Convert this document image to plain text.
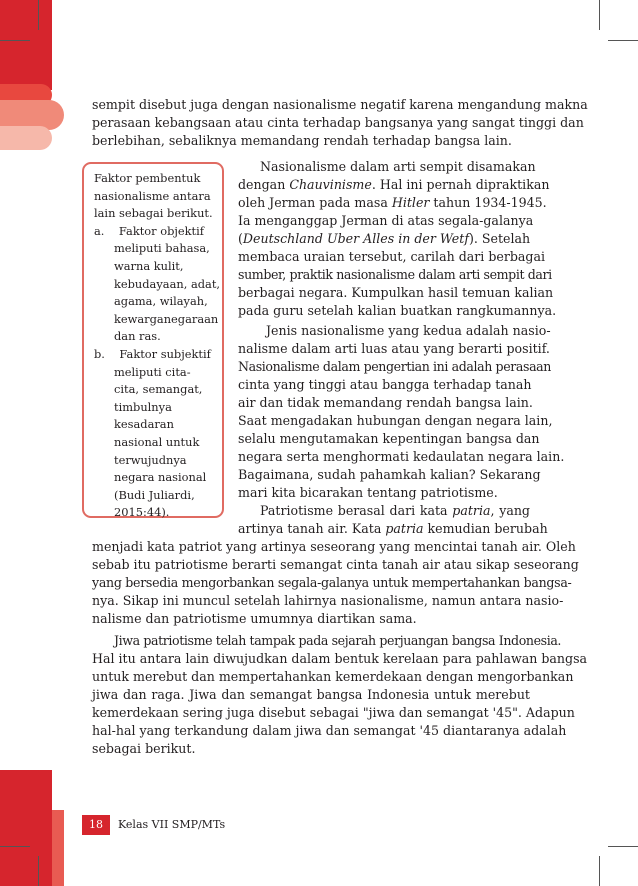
sempit disebut juga dengan nasionalisme negatif karena mengandung makna
perasaan kebangsaan atau cinta terhadap bangsanya yang sangat tinggi dan
berlebihan, sebaliknya memandang rendah terhadap bangsa lain.
Faktor pembentuk
nasionalisme antara
lain sebagai berikut.
a.    Faktor objektif
meliputi bahasa,
warna kulit,
kebudayaan, adat,
agama, wilayah,
kewarganegaraan
dan ras.
b.    Faktor subjektif
meliputi cita-
cita, semangat,
timbulnya
kesadaran
nasional untuk
terwujudnya
negara nasional
(Budi Juliardi,
2015:44).
Nasionalisme dalam arti sempit disamakan
dengan Chauvinisme. Hal ini pernah dipraktikan
oleh Jerman pada masa Hitler tahun 1934-1945.
Ia menganggap Jerman di atas segala-galanya
(Deutschland Uber Alles in der Wetf). Setelah
membaca uraian tersebut, carilah dari berbagai
sumber, praktik nasionalisme dalam arti sempit dari
berbagai negara. Kumpulkan hasil temuan kalian
pada guru setelah kalian buatkan rangkumannya.
Jenis nasionalisme yang kedua adalah nasio-
nalisme dalam arti luas atau yang berarti positif.
Nasionalisme dalam pengertian ini adalah perasaan
cinta yang tinggi atau bangga terhadap tanah
air dan tidak memandang rendah bangsa lain.
Saat mengadakan hubungan dengan negara lain,
selalu mengutamakan kepentingan bangsa dan
negara serta menghormati kedaulatan negara lain.
Bagaimana, sudah pahamkah kalian? Sekarang
mari kita bicarakan tentang patriotisme.
Patriotisme berasal dari kata patria, yang
artinya tanah air. Kata patria kemudian berubah
menjadi kata patriot yang artinya seseorang yang mencintai tanah air. Oleh
sebab itu patriotisme berarti semangat cinta tanah air atau sikap seseorang
yang bersedia mengorbankan segala-galanya untuk mempertahankan bangsa-
nya. Sikap ini muncul setelah lahirnya nasionalisme, namun antara nasio-
nalisme dan patriotisme umumnya diartikan sama.
Jiwa patriotisme telah tampak pada sejarah perjuangan bangsa Indonesia.
Hal itu antara lain diwujudkan dalam bentuk kerelaan para pahlawan bangsa
untuk merebut dan mempertahankan kemerdekaan dengan mengorbankan
jiwa dan raga. Jiwa dan semangat bangsa Indonesia untuk merebut
kemerdekaan sering juga disebut sebagai "jiwa dan semangat '45". Adapun
hal-hal yang terkandung dalam jiwa dan semangat '45 diantaranya adalah
sebagai berikut.
18	Kelas VII SMP/MTs
